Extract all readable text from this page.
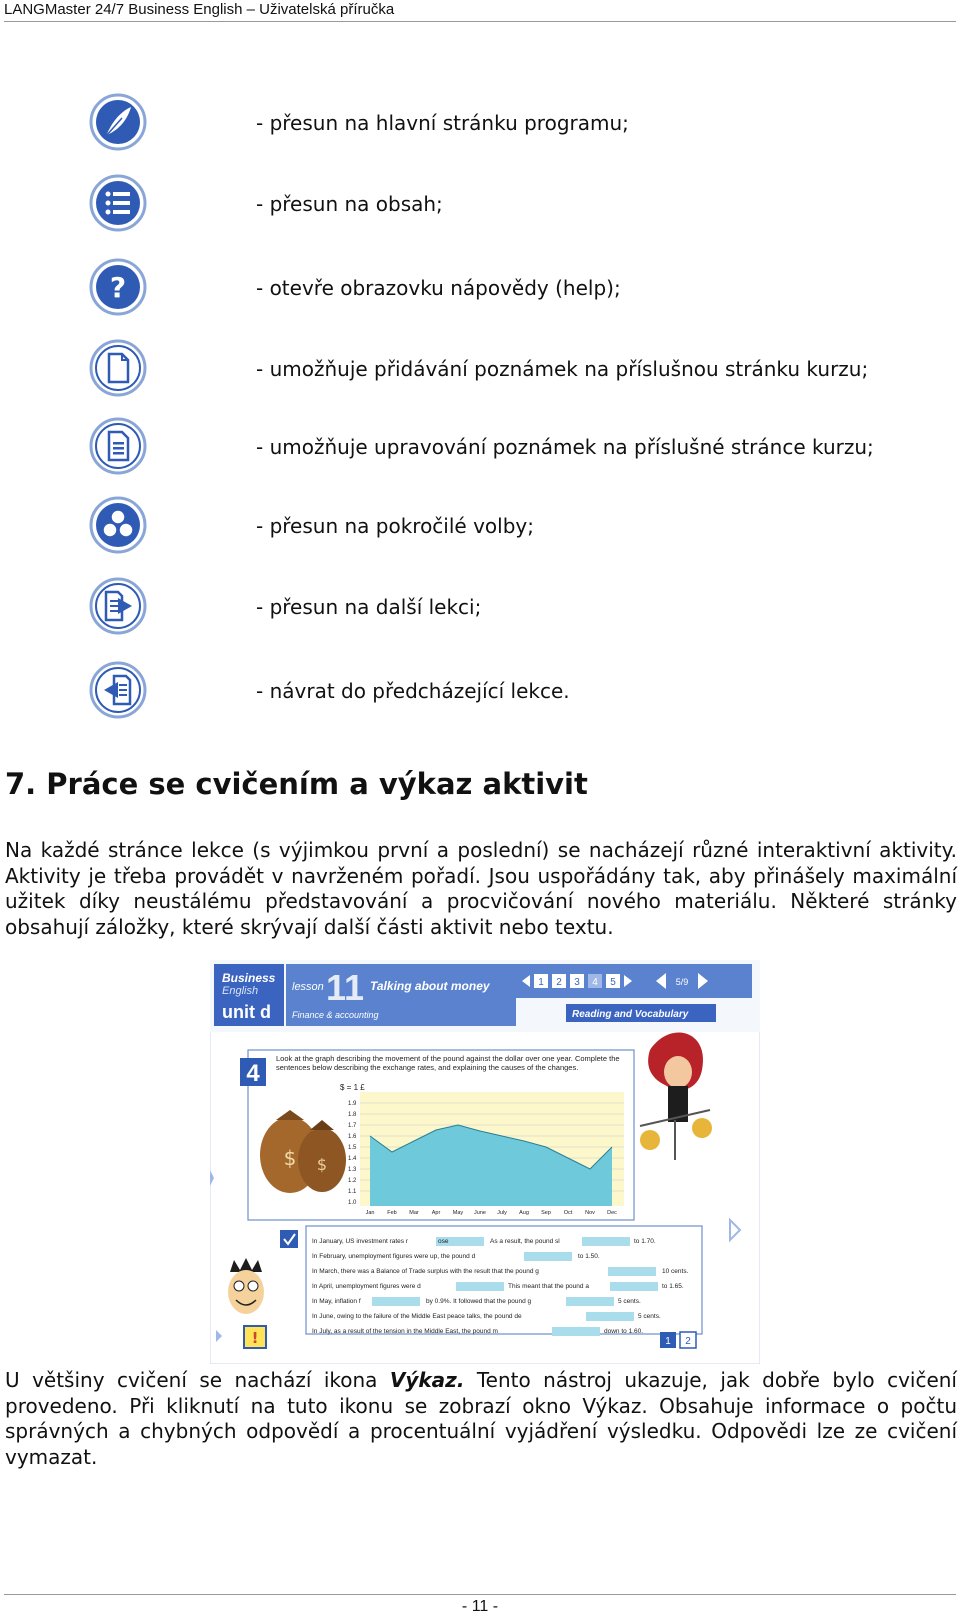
LANGMaster 24/7 Business English – Uživatelská příručka
- přesun na hlavní stránku programu;
- přesun na obsah;
?	- otevře obrazovku nápovědy (help);
- umožňuje přidávání poznámek na příslušnou stránku kurzu;
- umožňuje upravování poznámek na příslušné stránce kurzu;
- přesun na pokročilé volby;
- přesun na další lekci;
- návrat do předcházející lekce.
7. Práce se cvičením a výkaz aktivit
Na každé stránce lekce (s výjimkou první a poslední) se nacházejí různé interaktivní aktivity. Aktivity je třeba provádět v navrženém pořadí. Jsou uspořádány tak, aby přinášely maximální užitek díky neustálému představování a procvičování nového materiálu. Některé stránky obsahují záložky, které skrývají další části aktivit nebo textu.
Business
English
unit d
lesson 11 Talking about money
Finance & accounting
1 2 3 4 5	5/9
Reading and Vocabulary
4
Look at the graph describing the movement of the pound against the dollar over one year. Complete the sentences below describing the exchange rates, and explaining the causes of the changes.
$ = 1 £
1.9
1.8
1.7
1.6
1.5
1.4
1.3
1.2
1.1
1.0
Jan Feb Mar Apr May June July Aug Sep Oct Nov Dec
$ $
In January, US investment rates r	ose	As a result, the pound sl	to 1.70.
In February, unemployment figures were up, the pound d	to 1.50.
In March, there was a Balance of Trade surplus with the result that the pound g	10 cents.
In April, unemployment figures were d	This meant that the pound a	to 1.65.
In May, inflation f	by 0.9%. It followed that the pound g	5 cents.
In June, owing to the failure of the Middle East peace talks, the pound de	5 cents.
In July, as a result of the tension in the Middle East, the pound m	down to 1.60.
!	1 2
U většiny cvičení se nachází ikona Výkaz. Tento nástroj ukazuje, jak dobře bylo cvičení provedeno. Při kliknutí na tuto ikonu se zobrazí okno Výkaz. Obsahuje informace o počtu správných a chybných odpovědí a procentuální vyjádření výsledku. Odpovědi lze ze cvičení vymazat.
- 11 -
